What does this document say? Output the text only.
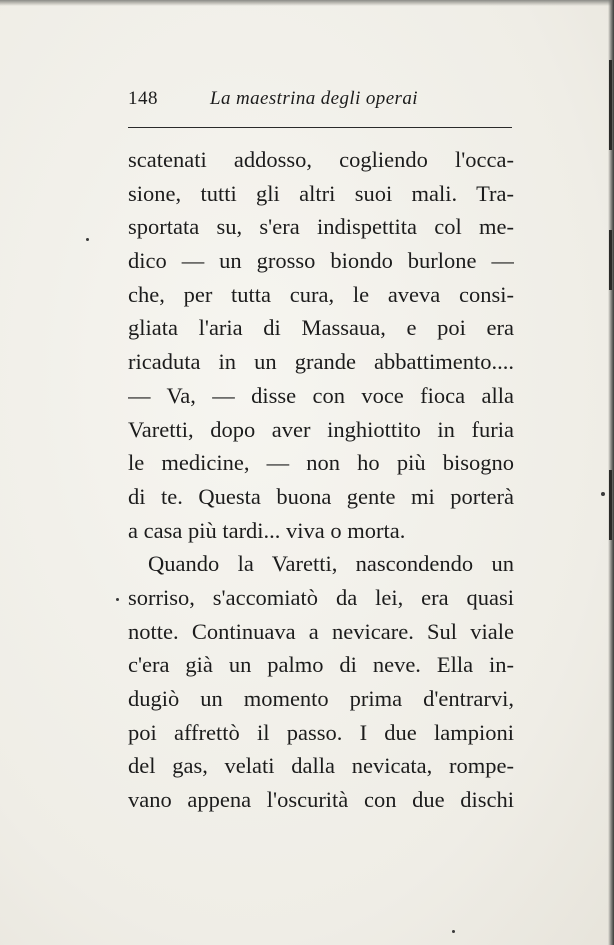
148	La maestrina degli operai
scatenati addosso, cogliendo l'occa-
sione, tutti gli altri suoi mali. Tra-
sportata su, s'era indispettita col me-
dico — un grosso biondo burlone —
che, per tutta cura, le aveva consi-
gliata l'aria di Massaua, e poi era
ricaduta in un grande abbattimento....
— Va, — disse con voce fioca alla
Varetti, dopo aver inghiottito in furia
le medicine, — non ho più bisogno
di te. Questa buona gente mi porterà
a casa più tardi... viva o morta.
Quando la Varetti, nascondendo un
sorriso, s'accomiatò da lei, era quasi
notte. Continuava a nevicare. Sul viale
c'era già un palmo di neve. Ella in-
dugiò un momento prima d'entrarvi,
poi affrettò il passo. I due lampioni
del gas, velati dalla nevicata, rompe-
vano appena l'oscurità con due dischi
